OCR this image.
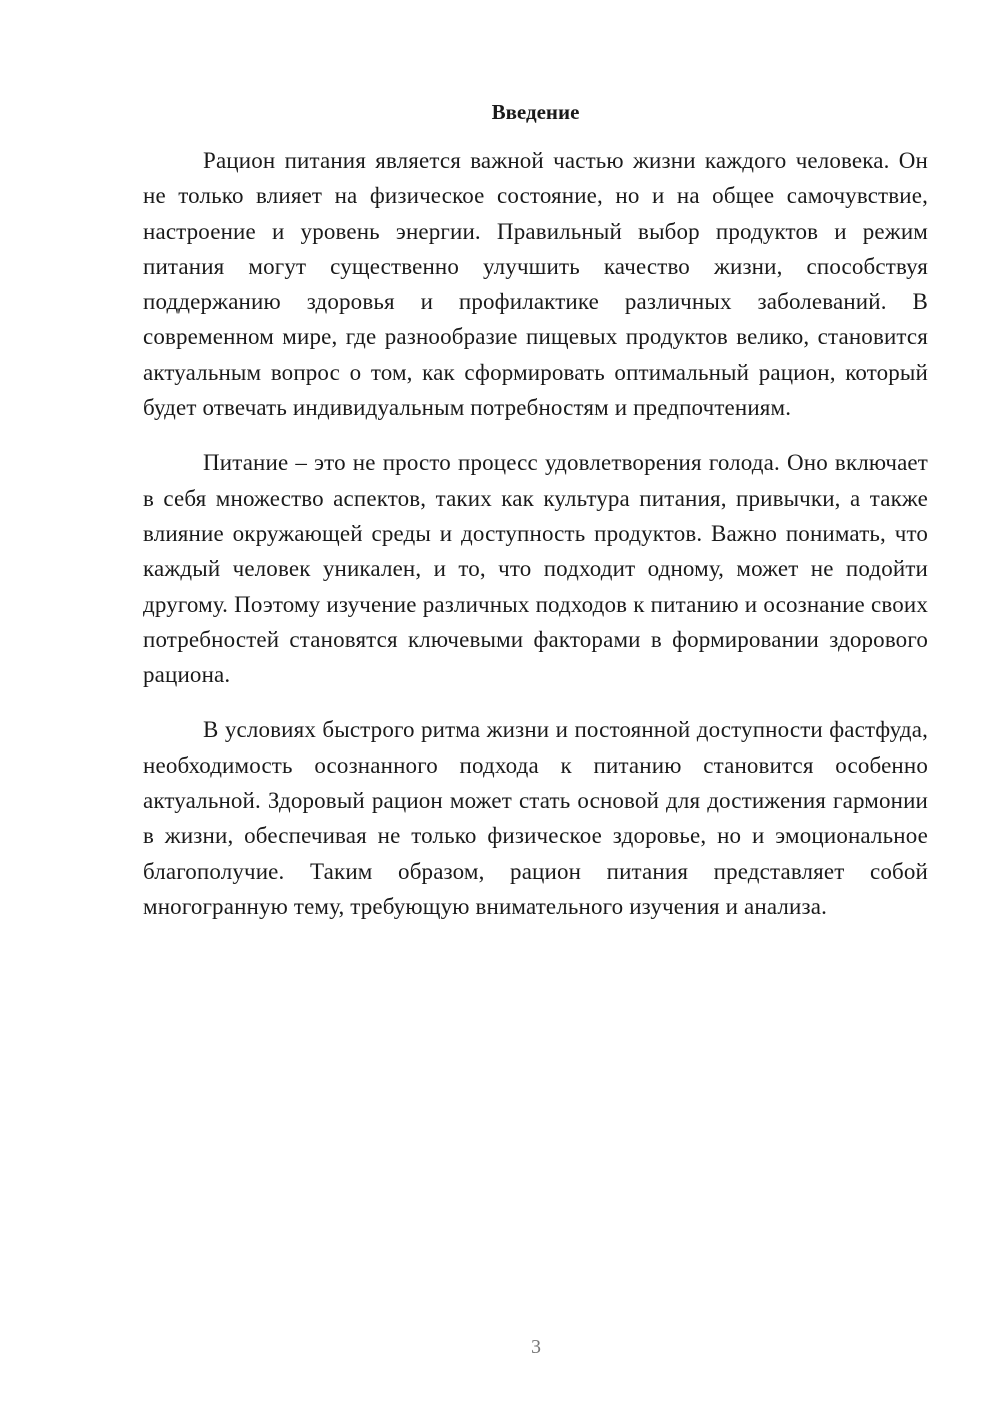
Введение

Рацион питания является важной частью жизни каждого человека. Он не только влияет на физическое состояние, но и на общее самочувствие, настроение и уровень энергии. Правильный выбор продуктов и режим питания могут существенно улучшить качество жизни, способствуя поддержанию здоровья и профилактике различных заболеваний. В современном мире, где разнообразие пищевых продуктов велико, становится актуальным вопрос о том, как сформировать оптимальный рацион, который будет отвечать индивидуальным потребностям и предпочтениям.

Питание – это не просто процесс удовлетворения голода. Оно включает в себя множество аспектов, таких как культура питания, привычки, а также влияние окружающей среды и доступность продуктов. Важно понимать, что каждый человек уникален, и то, что подходит одному, может не подойти другому. Поэтому изучение различных подходов к питанию и осознание своих потребностей становятся ключевыми факторами в формировании здорового рациона.

В условиях быстрого ритма жизни и постоянной доступности фастфуда, необходимость осознанного подхода к питанию становится особенно актуальной. Здоровый рацион может стать основой для достижения гармонии в жизни, обеспечивая не только физическое здоровье, но и эмоциональное благополучие. Таким образом, рацион питания представляет собой многогранную тему, требующую внимательного изучения и анализа.

3
